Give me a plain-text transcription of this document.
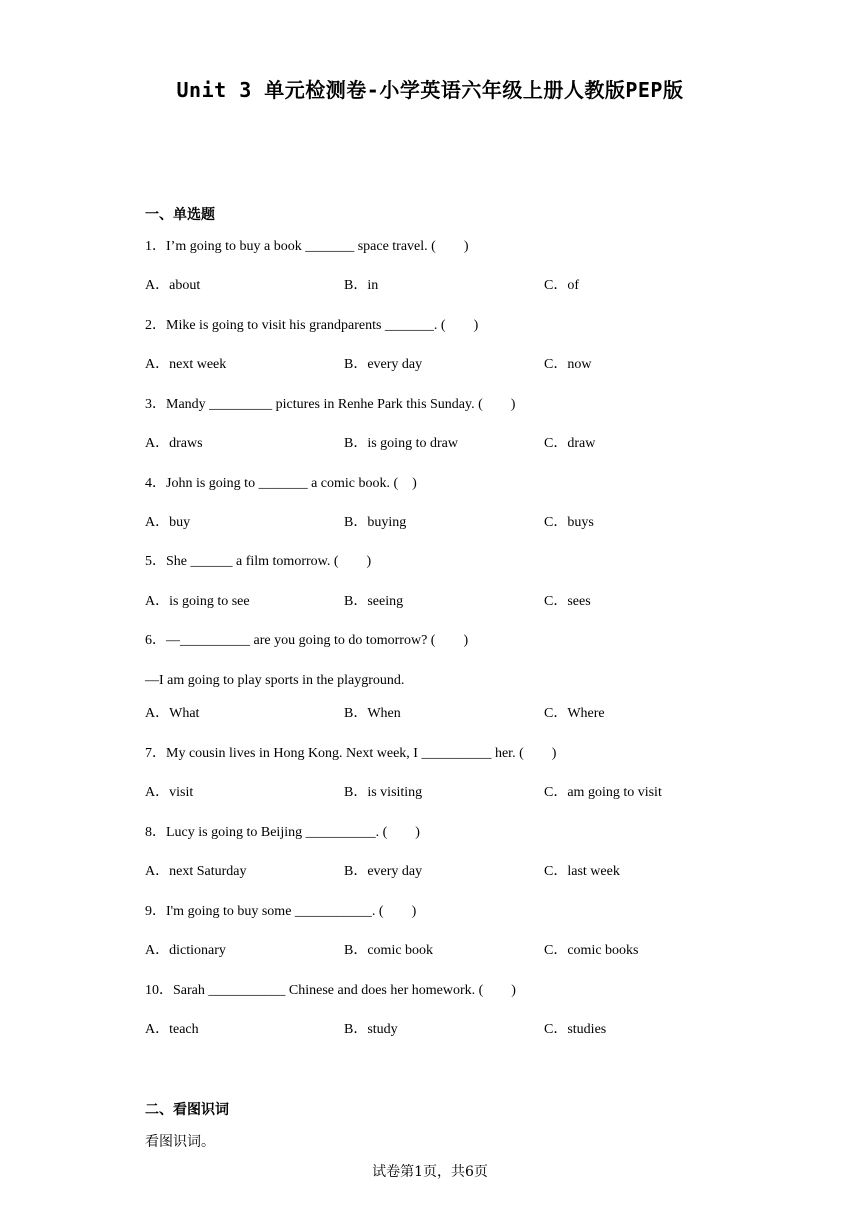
Unit 3 单元检测卷-小学英语六年级上册人教版PEP版
一、单选题

1．I’m going to buy a book _______ space travel. (　　)

A．about	B．in	C．of

2．Mike is going to visit his grandparents _______. (　　)

A．next week	B．every day	C．now

3．Mandy _________ pictures in Renhe Park this Sunday. (　　)

A．draws	B．is going to draw	C．draw

4．John is going to _______ a comic book. (　)

A．buy	B．buying	C．buys

5．She ______ a film tomorrow. (　　)

A．is going to see	B．seeing	C．sees

6．—__________ are you going to do tomorrow? (　　)

—I am going to play sports in the playground.

A．What	B．When	C．Where

7．My cousin lives in Hong Kong. Next week, I __________ her. (　　)

A．visit	B．is visiting	C．am going to visit

8．Lucy is going to Beijing __________. (　　)

A．next Saturday	B．every day	C．last week

9．I'm going to buy some ___________. (　　)

A．dictionary	B．comic book	C．comic books

10．Sarah ___________ Chinese and does her homework. (　　)

A．teach	B．study	C．studies
二、看图识词

看图识词。

试卷第1页，共6页
